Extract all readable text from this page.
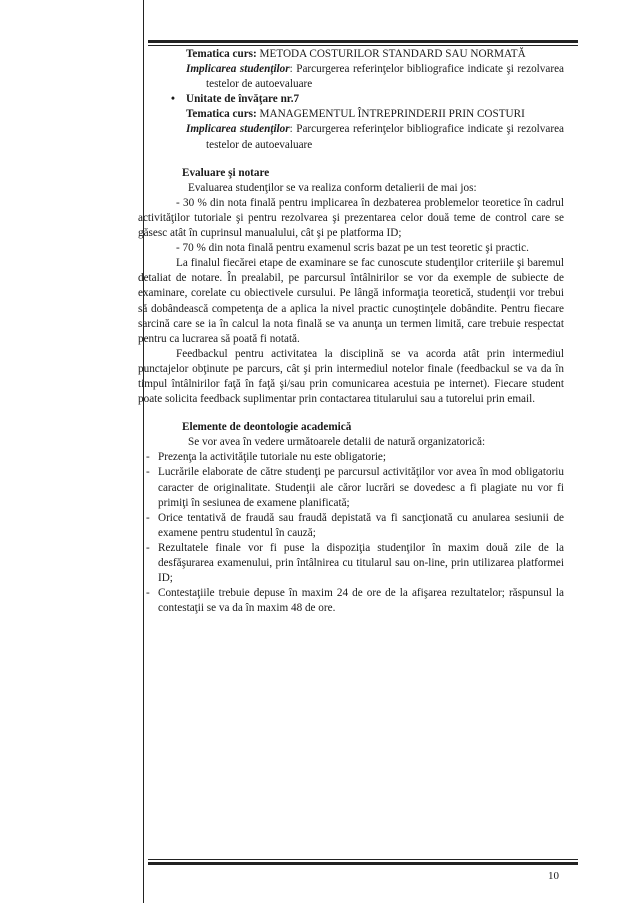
Tematica curs: METODA COSTURILOR STANDARD SAU NORMATĂ
Implicarea studenţilor: Parcurgerea referinţelor bibliografice indicate şi rezolvarea testelor de autoevaluare
• Unitate de învăţare nr.7
Tematica curs: MANAGEMENTUL ÎNTREPRINDERII PRIN COSTURI
Implicarea studenţilor: Parcurgerea referinţelor bibliografice indicate şi rezolvarea testelor de autoevaluare
Evaluare şi notare
Evaluarea studenţilor se va realiza conform detalierii de mai jos:
- 30 % din nota finală pentru implicarea în dezbaterea problemelor teoretice în cadrul activităţilor tutoriale şi pentru rezolvarea şi prezentarea celor două teme de control care se găsesc atât în cuprinsul manualului, cât şi pe platforma ID;
- 70 % din nota finală pentru examenul scris bazat pe un test teoretic şi practic.
La finalul fiecărei etape de examinare se fac cunoscute studenţilor criteriile şi baremul detaliat de notare. În prealabil, pe parcursul întâlnirilor se vor da exemple de subiecte de examinare, corelate cu obiectivele cursului. Pe lângă informaţia teoretică, studenţii vor trebui să dobândească competenţa de a aplica la nivel practic cunoştinţele dobândite. Pentru fiecare sarcină care se ia în calcul la nota finală se va anunţa un termen limită, care trebuie respectat pentru ca lucrarea să poată fi notată.
Feedbackul pentru activitatea la disciplină se va acorda atât prin intermediul punctajelor obţinute pe parcurs, cât şi prin intermediul notelor finale (feedbackul se va da în timpul întâlnirilor faţă în faţă şi/sau prin comunicarea acestuia pe internet). Fiecare student poate solicita feedback suplimentar prin contactarea titularului sau a tutorelui prin email.
Elemente de deontologie academică
Se vor avea în vedere următoarele detalii de natură organizatorică:
- Prezenţa la activităţile tutoriale nu este obligatorie;
- Lucrările elaborate de către studenţi pe parcursul activităţilor vor avea în mod obligatoriu caracter de originalitate. Studenţii ale căror lucrări se dovedesc a fi plagiate nu vor fi primiţi în sesiunea de examene planificată;
- Orice tentativă de fraudă sau fraudă depistată va fi sancţionată cu anularea sesiunii de examene pentru studentul în cauză;
- Rezultatele finale vor fi puse la dispoziţia studenţilor în maxim două zile de la desfăşurarea examenului, prin întâlnirea cu titularul sau on-line, prin utilizarea platformei ID;
- Contestaţiile trebuie depuse în maxim 24 de ore de la afişarea rezultatelor; răspunsul la contestaţii se va da în maxim 48 de ore.
10
